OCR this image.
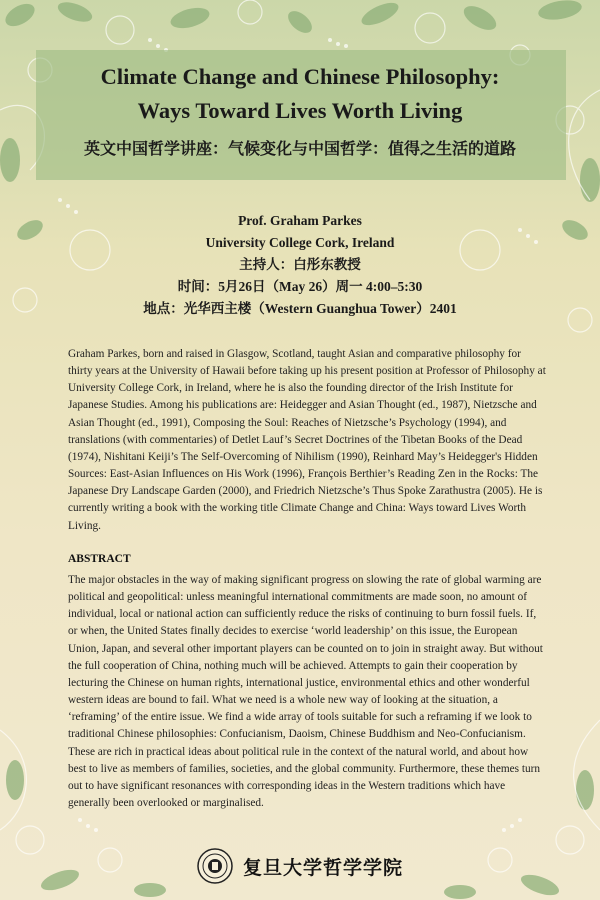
Climate Change and Chinese Philosophy:
Ways Toward Lives Worth Living

英文中国哲学讲座：气候变化与中国哲学：值得之生活的道路

Prof. Graham Parkes
University College Cork, Ireland
主持人：白彤东教授
时间：5月26日（May 26）周一 4:00–5:30
地点：光华西主楼（Western Guanghua Tower）2401

Graham Parkes, born and raised in Glasgow, Scotland, taught Asian and comparative philosophy for thirty years at the University of Hawaii before taking up his present position at Professor of Philosophy at University College Cork, in Ireland, where he is also the founding director of the Irish Institute for Japanese Studies. Among his publications are: Heidegger and Asian Thought (ed., 1987), Nietzsche and Asian Thought (ed., 1991), Composing the Soul: Reaches of Nietzsche’s Psychology (1994), and translations (with commentaries) of Detlet Lauf’s Secret Doctrines of the Tibetan Books of the Dead (1974), Nishitani Keiji’s The Self-Overcoming of Nihilism (1990), Reinhard May’s Heidegger's Hidden Sources: East-Asian Influences on His Work (1996), François Berthier’s Reading Zen in the Rocks: The Japanese Dry Landscape Garden (2000), and Friedrich Nietzsche’s Thus Spoke Zarathustra (2005). He is currently writing a book with the working title Climate Change and China: Ways toward Lives Worth Living.

ABSTRACT

The major obstacles in the way of making significant progress on slowing the rate of global warming are political and geopolitical: unless meaningful international commitments are made soon, no amount of individual, local or national action can sufficiently reduce the risks of continuing to burn fossil fuels. If, or when, the United States finally decides to exercise ‘world leadership’ on this issue, the European Union, Japan, and several other important players can be counted on to join in straight away. But without the full cooperation of China, nothing much will be achieved. Attempts to gain their cooperation by lecturing the Chinese on human rights, international justice, environmental ethics and other wonderful western ideas are bound to fail. What we need is a whole new way of looking at the situation, a ‘reframing’ of the entire issue. We find a wide array of tools suitable for such a reframing if we look to traditional Chinese philosophies: Confucianism, Daoism, Chinese Buddhism and Neo-Confucianism. These are rich in practical ideas about political rule in the context of the natural world, and about how best to live as members of families, societies, and the global community. Furthermore, these themes turn out to have significant resonances with corresponding ideas in the Western traditions which have generally been overlooked or marginalised.

复旦大学哲学学院
